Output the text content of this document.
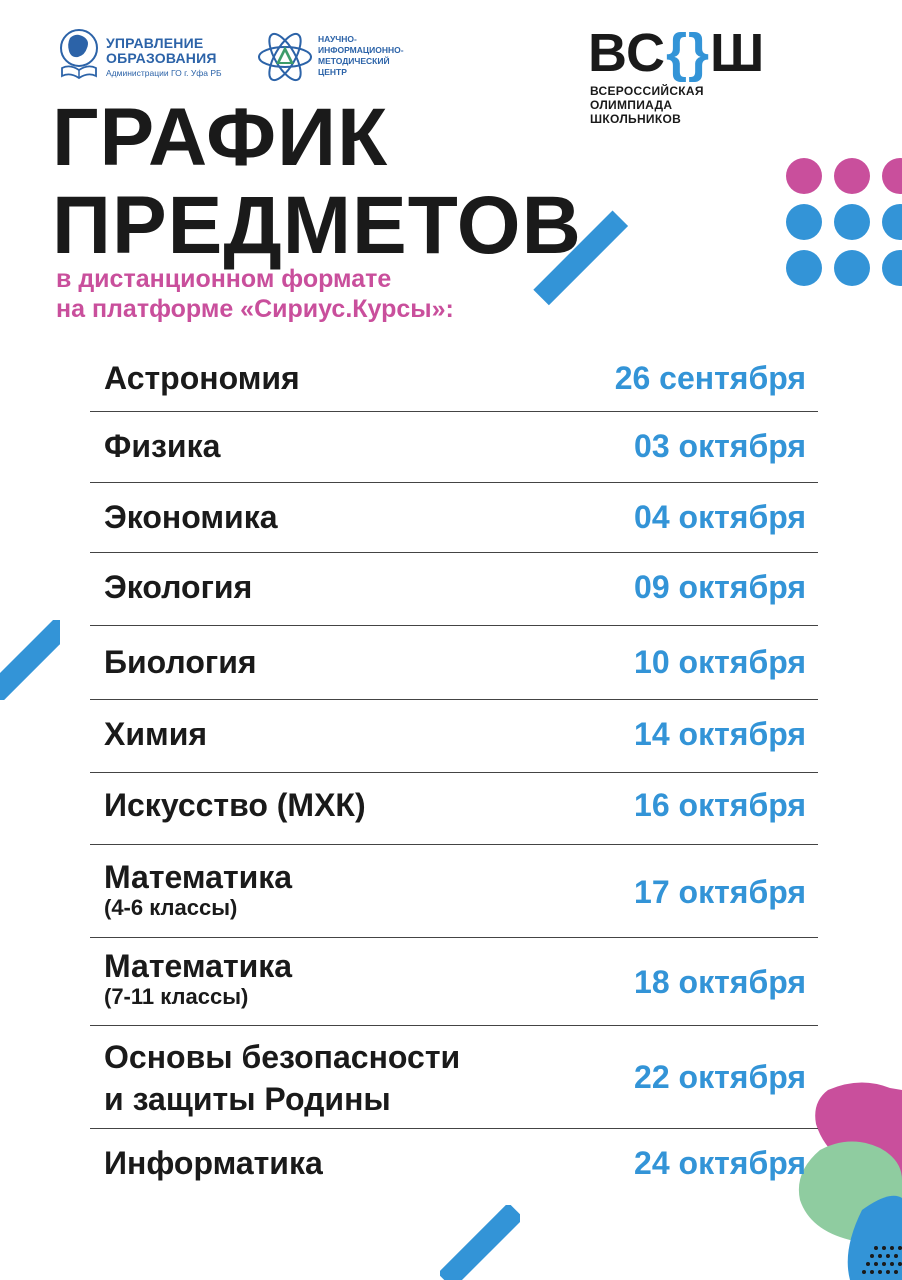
УПРАВЛЕНИЕ
ОБРАЗОВАНИЯ
Администрации ГО г. Уфа РБ
НАУЧНО-
ИНФОРМАЦИОННО-
МЕТОДИЧЕСКИЙ
ЦЕНТР	ВС{}Ш
ВСЕРОССИЙСКАЯ
ОЛИМПИАДА
ШКОЛЬНИКОВ
ГРАФИК
ПРЕДМЕТОВ
в дистанционном формате
на платформе «Сириус.Курсы»:
Астрономия	26 сентября
Физика	03 октября
Экономика	04 октября
Экология	09 октября
Биология	10 октября
Химия	14 октября
Искусство (МХК)	16 октября
Математика
(4-6 классы)	17 октября
Математика
(7-11 классы)	18 октября
Основы безопасности
и защиты Родины
22 октября
Информатика	24 октября
